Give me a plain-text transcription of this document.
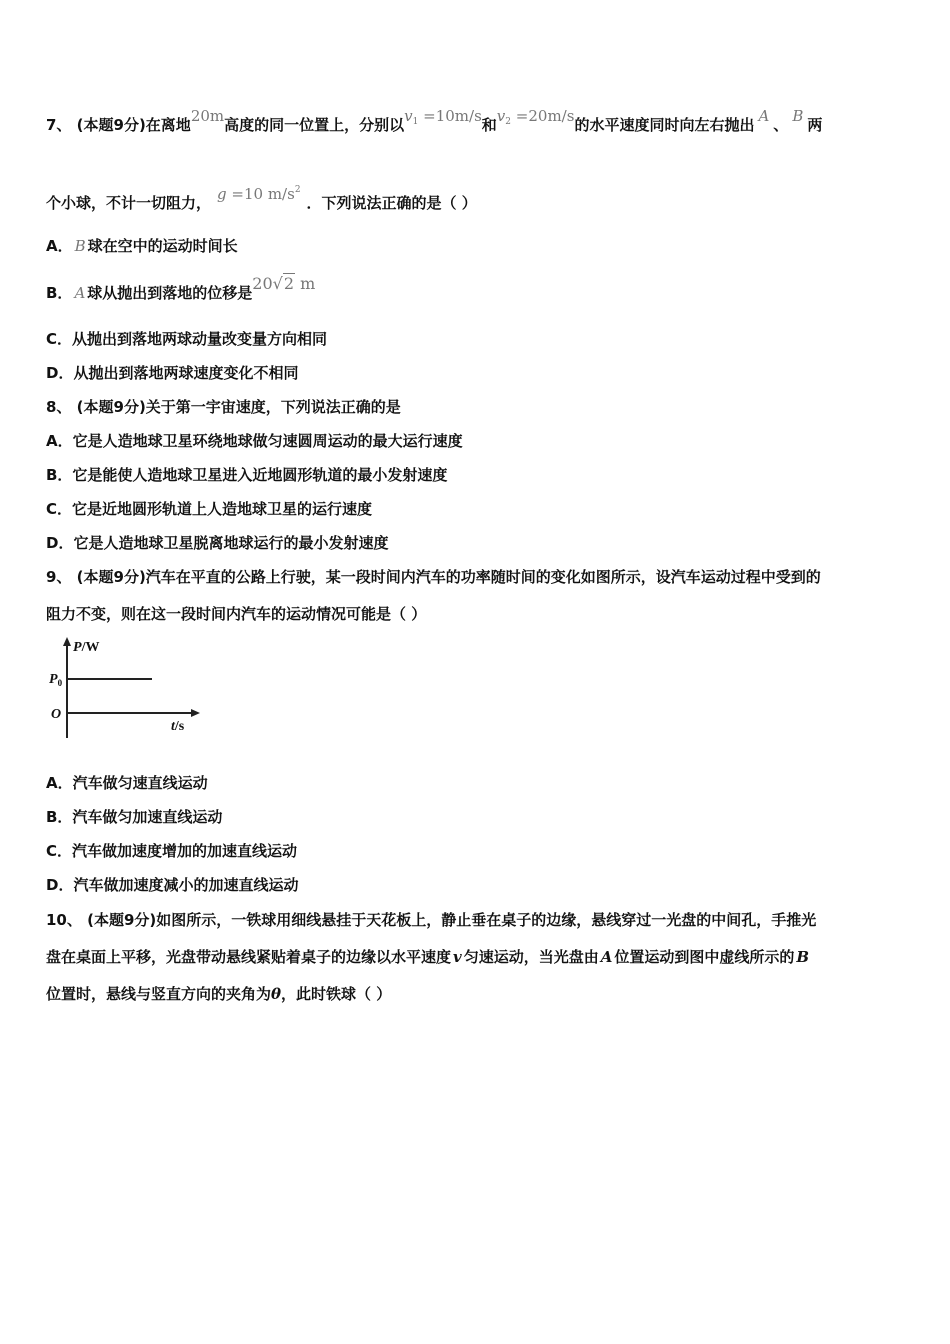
7、 (本题9分)在离地20m高度的同一位置上，分别以$v_1 =10m/s$和$v_2 =20m/s$的水平速度同时向左右抛出 A 、 B 两
个小球，不计一切阻力， g =10 $m/s^2$．下列说法正确的是（ ）
A． B 球在空中的运动时间长
B． A 球从抛出到落地的位移是20√2 m
C．从抛出到落地两球动量改变量方向相同
D．从抛出到落地两球速度变化不相同
8、 (本题9分)关于第一宇宙速度，下列说法正确的是
A．它是人造地球卫星环绕地球做匀速圆周运动的最大运行速度
B．它是能使人造地球卫星进入近地圆形轨道的最小发射速度
C．它是近地圆形轨道上人造地球卫星的运行速度
D．它是人造地球卫星脱离地球运行的最小发射速度
9、 (本题9分)汽车在平直的公路上行驶，某一段时间内汽车的功率随时间的变化如图所示，设汽车运动过程中受到的
阻力不变，则在这一段时间内汽车的运动情况可能是（ ）
P/W
$P_0$
O
t/s
A．汽车做匀速直线运动
B．汽车做匀加速直线运动
C．汽车做加速度增加的加速直线运动
D．汽车做加速度减小的加速直线运动
10、 (本题9分)如图所示，一铁球用细线悬挂于天花板上，静止垂在桌子的边缘，悬线穿过一光盘的中间孔，手推光
盘在桌面上平移，光盘带动悬线紧贴着桌子的边缘以水平速度 v 匀速运动，当光盘由 A 位置运动到图中虚线所示的 B
位置时，悬线与竖直方向的夹角为θ，此时铁球（ ）
